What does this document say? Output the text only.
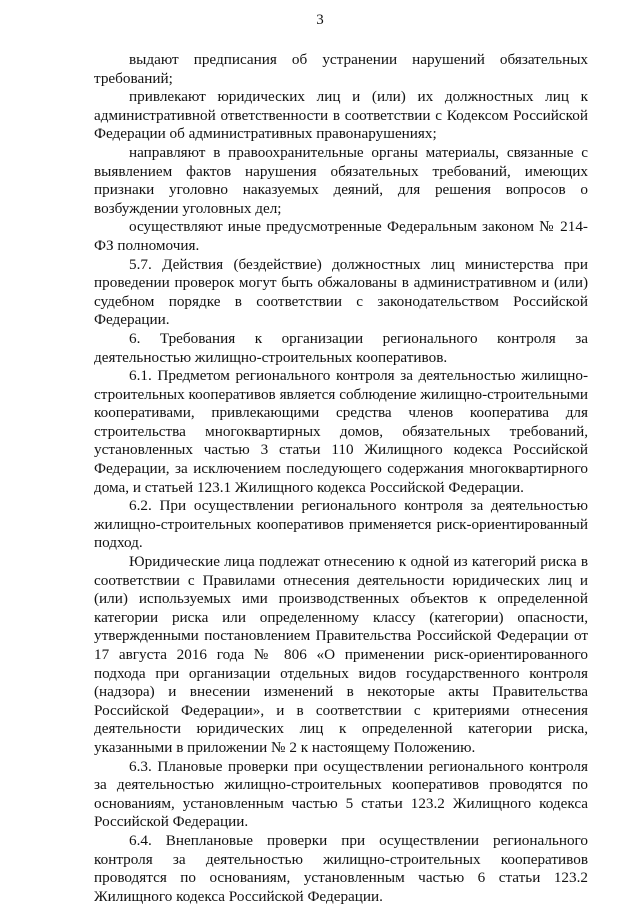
3

выдают предписания об устранении нарушений обязательных требований;

привлекают юридических лиц и (или) их должностных лиц к административной ответственности в соответствии с Кодексом Российской Федерации об административных правонарушениях;

направляют в правоохранительные органы материалы, связанные с выявлением фактов нарушения обязательных требований, имеющих признаки уголовно наказуемых деяний, для решения вопросов о возбуждении уголовных дел;

осуществляют иные предусмотренные Федеральным законом № 214-ФЗ полномочия.

5.7. Действия (бездействие) должностных лиц министерства при проведении проверок могут быть обжалованы в административном и (или) судебном порядке в соответствии с законодательством Российской Федерации.

6. Требования к организации регионального контроля за деятельностью жилищно-строительных кооперативов.

6.1. Предметом регионального контроля за деятельностью жилищно-строительных кооперативов является соблюдение жилищно-строительными кооперативами, привлекающими средства членов кооператива для строительства многоквартирных домов, обязательных требований, установленных частью 3 статьи 110 Жилищного кодекса Российской Федерации, за исключением последующего содержания многоквартирного дома, и статьей 123.1 Жилищного кодекса Российской Федерации.

6.2. При осуществлении регионального контроля за деятельностью жилищно-строительных кооперативов применяется риск-ориентированный подход.

Юридические лица подлежат отнесению к одной из категорий риска в соответствии с Правилами отнесения деятельности юридических лиц и (или) используемых ими производственных объектов к определенной категории риска или определенному классу (категории) опасности, утвержденными постановлением Правительства Российской Федерации от 17 августа 2016 года № 806 «О применении риск-ориентированного подхода при организации отдельных видов государственного контроля (надзора) и внесении изменений в некоторые акты Правительства Российской Федерации», и в соответствии с критериями отнесения деятельности юридических лиц к определенной категории риска, указанными в приложении № 2 к настоящему Положению.

6.3. Плановые проверки при осуществлении регионального контроля за деятельностью жилищно-строительных кооперативов проводятся по основаниям, установленным частью 5 статьи 123.2 Жилищного кодекса Российской Федерации.

6.4. Внеплановые проверки при осуществлении регионального контроля за деятельностью жилищно-строительных кооперативов проводятся по основаниям, установленным частью 6 статьи 123.2 Жилищного кодекса Российской Федерации.
